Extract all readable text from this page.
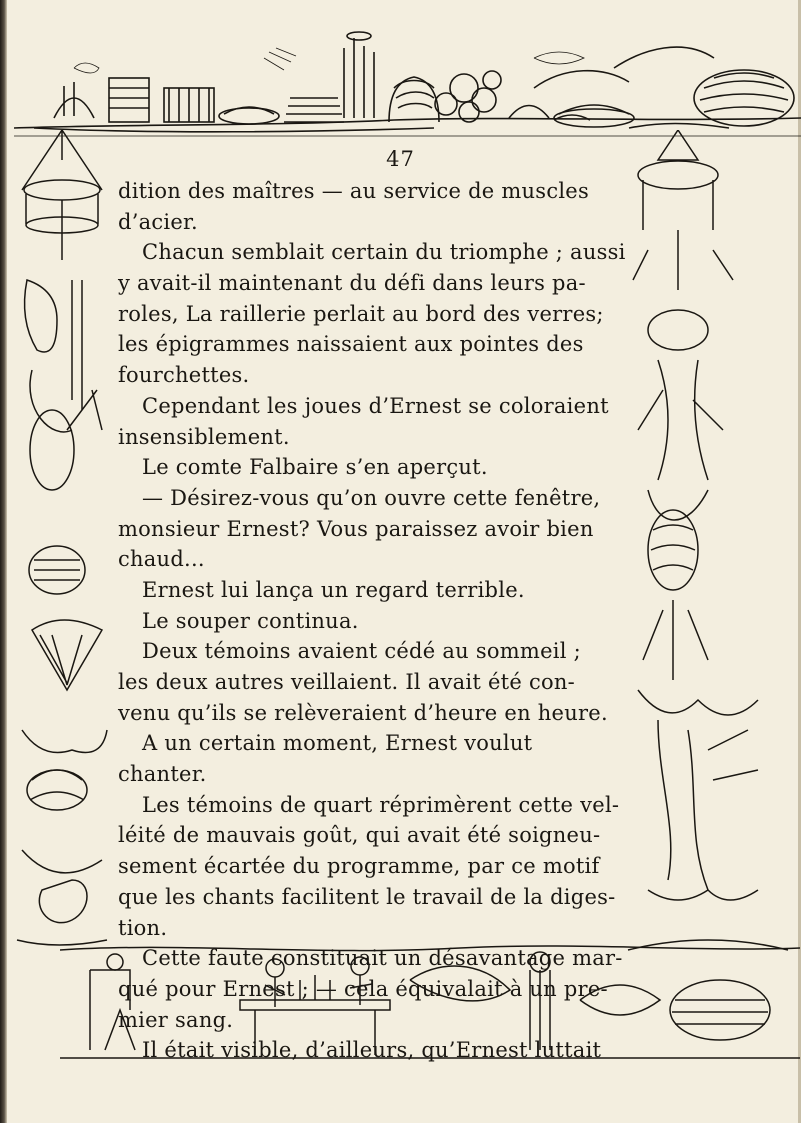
47
dition des maîtres — au service de muscles
d’acier.
Chacun semblait certain du triomphe ; aussi
y avait-il maintenant du défi dans leurs pa-
roles, La raillerie perlait au bord des verres;
les épigrammes naissaient aux pointes des
fourchettes.
Cependant les joues d’Ernest se coloraient
insensiblement.
Le comte Falbaire s’en aperçut.
— Désirez-vous qu’on ouvre cette fenêtre,
monsieur Ernest? Vous paraissez avoir bien
chaud...
Ernest lui lança un regard terrible.
Le souper continua.
Deux témoins avaient cédé au sommeil ;
les deux autres veillaient. Il avait été con-
venu qu’ils se relèveraient d’heure en heure.
A un certain moment, Ernest voulut
chanter.
Les témoins de quart réprimèrent cette vel-
léité de mauvais goût, qui avait été soigneu-
sement écartée du programme, par ce motif
que les chants facilitent le travail de la diges-
tion.
Cette faute constituait un désavantage mar-
qué pour Ernest ; — cela équivalait à un pre-
mier sang.
Il était visible, d’ailleurs, qu’Ernest luttait
